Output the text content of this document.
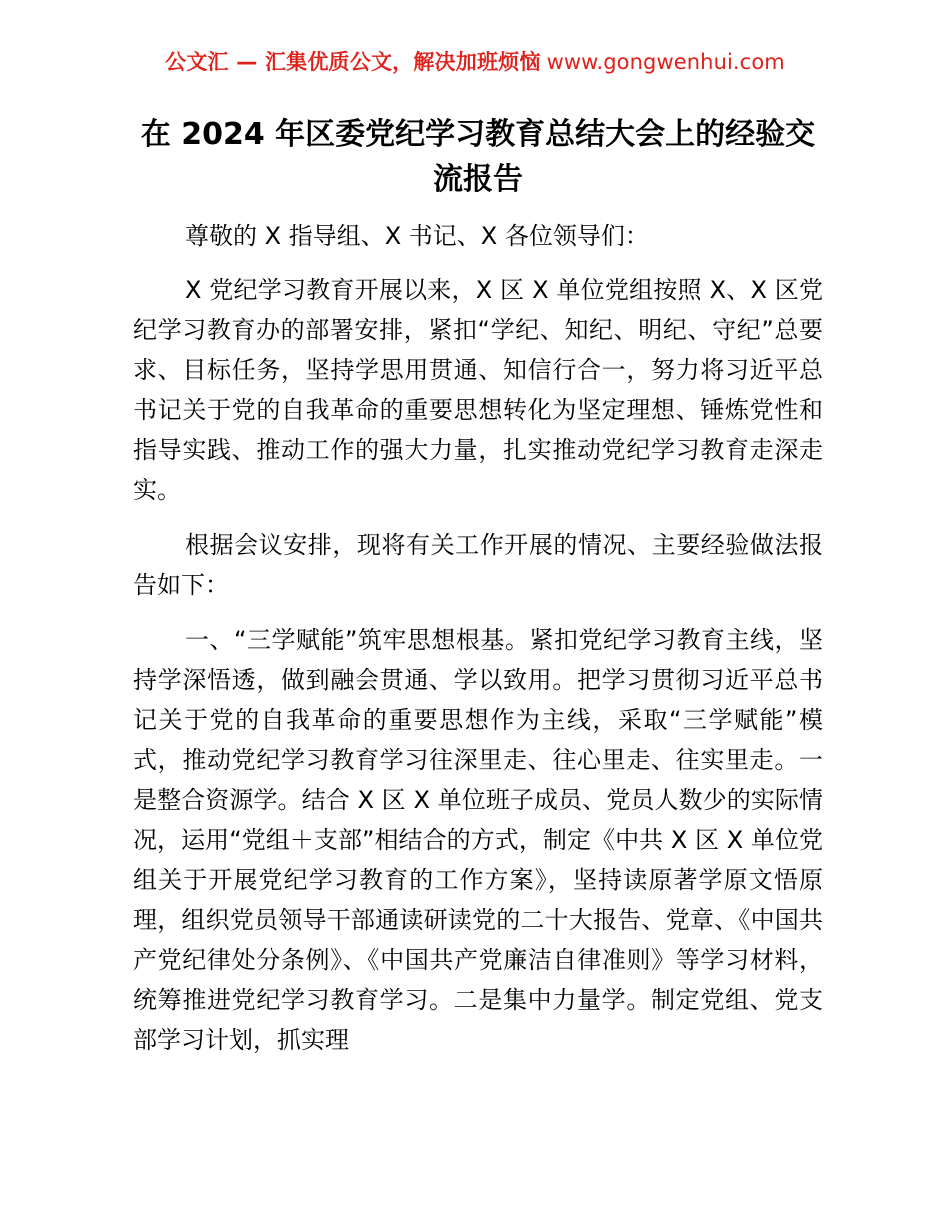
公文汇 — 汇集优质公文，解决加班烦恼 www.gongwenhui.com
在 2024 年区委党纪学习教育总结大会上的经验交流报告

尊敬的 X 指导组、X 书记、X 各位领导们：

X 党纪学习教育开展以来，X 区 X 单位党组按照 X、X 区党纪学习教育办的部署安排，紧扣“学纪、知纪、明纪、守纪”总要求、目标任务，坚持学思用贯通、知信行合一，努力将习近平总书记关于党的自我革命的重要思想转化为坚定理想、锤炼党性和指导实践、推动工作的强大力量，扎实推动党纪学习教育走深走实。

根据会议安排，现将有关工作开展的情况、主要经验做法报告如下：

一、“三学赋能”筑牢思想根基。紧扣党纪学习教育主线，坚持学深悟透，做到融会贯通、学以致用。把学习贯彻习近平总书记关于党的自我革命的重要思想作为主线，采取“三学赋能”模式，推动党纪学习教育学习往深里走、往心里走、往实里走。一是整合资源学。结合 X 区 X 单位班子成员、党员人数少的实际情况，运用“党组＋支部”相结合的方式，制定《中共 X 区 X 单位党组关于开展党纪学习教育的工作方案》，坚持读原著学原文悟原理，组织党员领导干部通读研读党的二十大报告、党章、《中国共产党纪律处分条例》、《中国共产党廉洁自律准则》等学习材料，统筹推进党纪学习教育学习。二是集中力量学。制定党组、党支部学习计划，抓实理
